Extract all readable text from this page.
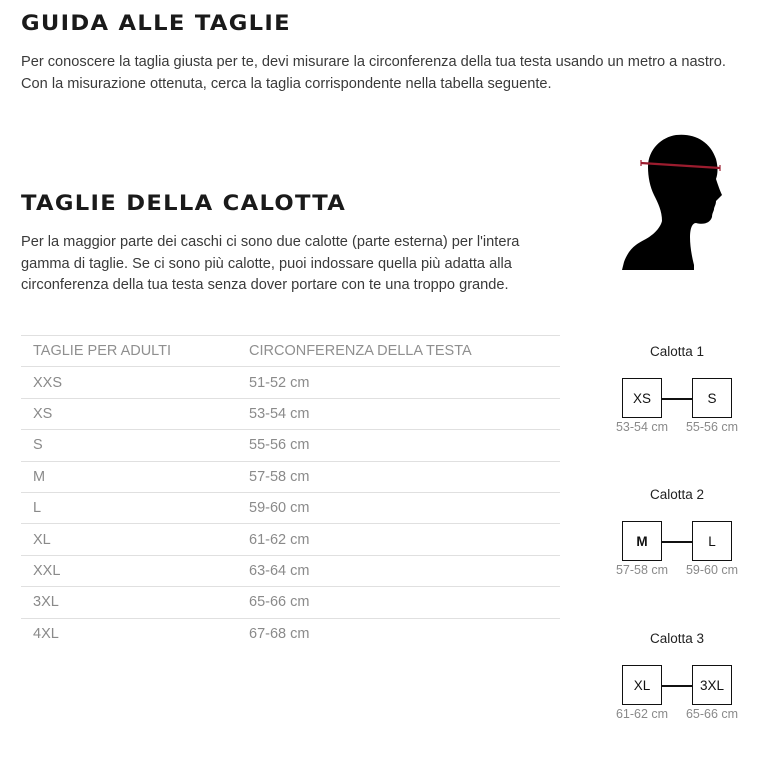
GUIDA ALLE TAGLIE

Per conoscere la taglia giusta per te, devi misurare la circonferenza della tua testa usando un metro a nastro. Con la misurazione ottenuta, cerca la taglia corrispondente nella tabella seguente.

TAGLIE DELLA CALOTTA

Per la maggior parte dei caschi ci sono due calotte (parte esterna) per l'intera gamma di taglie. Se ci sono più calotte, puoi indossare quella più adatta alla circonferenza della tua testa senza dover portare con te una troppo grande.

TAGLIE PER ADULTI	CIRCONFERENZA DELLA TESTA
XXS	51-52 cm
XS	53-54 cm
S	55-56 cm
M	57-58 cm
L	59-60 cm
XL	61-62 cm
XXL	63-64 cm
3XL	65-66 cm
4XL	67-68 cm
Calotta 1
XS	S
53-54 cm	55-56 cm
Calotta 2
M	L
57-58 cm	59-60 cm
Calotta 3
XL	3XL
61-62 cm	65-66 cm
